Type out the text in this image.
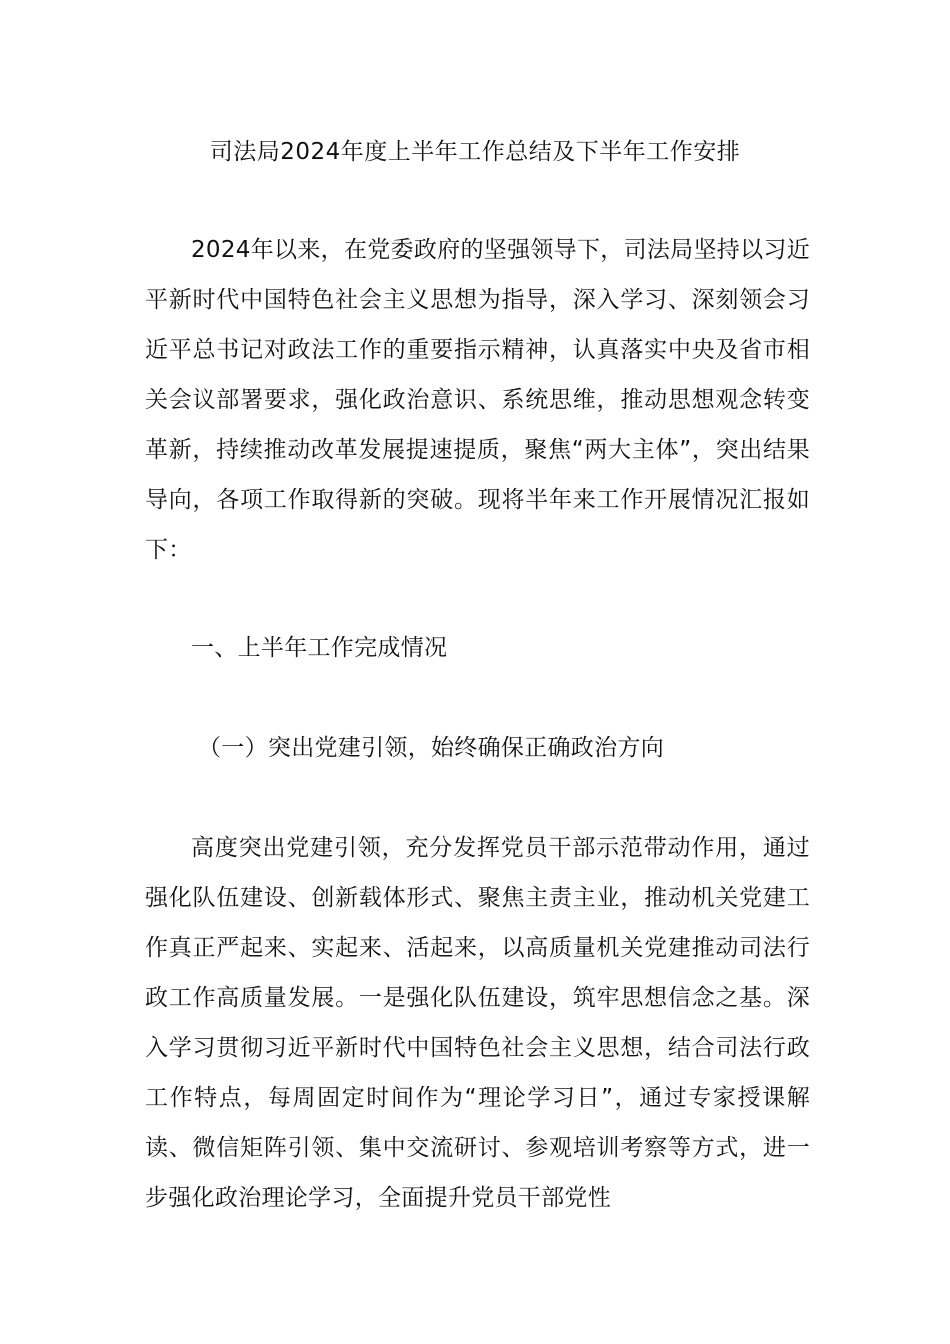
司法局2024年度上半年工作总结及下半年工作安排
2024年以来，在党委政府的坚强领导下，司法局坚持以习近平新时代中国特色社会主义思想为指导，深入学习、深刻领会习近平总书记对政法工作的重要指示精神，认真落实中央及省市相关会议部署要求，强化政治意识、系统思维，推动思想观念转变革新，持续推动改革发展提速提质，聚焦“两大主体”，突出结果导向，各项工作取得新的突破。现将半年来工作开展情况汇报如下：
一、上半年工作完成情况
（一）突出党建引领，始终确保正确政治方向
高度突出党建引领，充分发挥党员干部示范带动作用，通过强化队伍建设、创新载体形式、聚焦主责主业，推动机关党建工作真正严起来、实起来、活起来，以高质量机关党建推动司法行政工作高质量发展。一是强化队伍建设，筑牢思想信念之基。深入学习贯彻习近平新时代中国特色社会主义思想，结合司法行政工作特点，每周固定时间作为“理论学习日”，通过专家授课解读、微信矩阵引领、集中交流研讨、参观培训考察等方式，进一步强化政治理论学习，全面提升党员干部党性
